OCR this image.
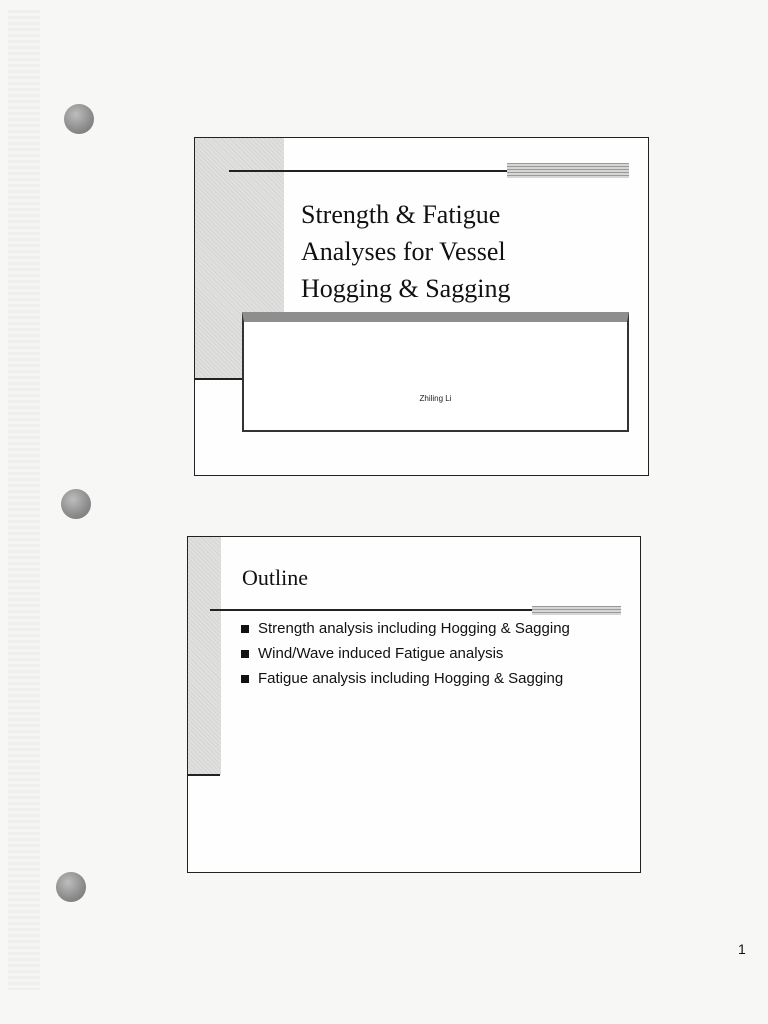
Strength & Fatigue
Analyses for Vessel
Hogging & Sagging
Zhiling Li
Outline
Strength analysis including Hogging & Sagging
Wind/Wave induced Fatigue analysis
Fatigue analysis including Hogging & Sagging
1
